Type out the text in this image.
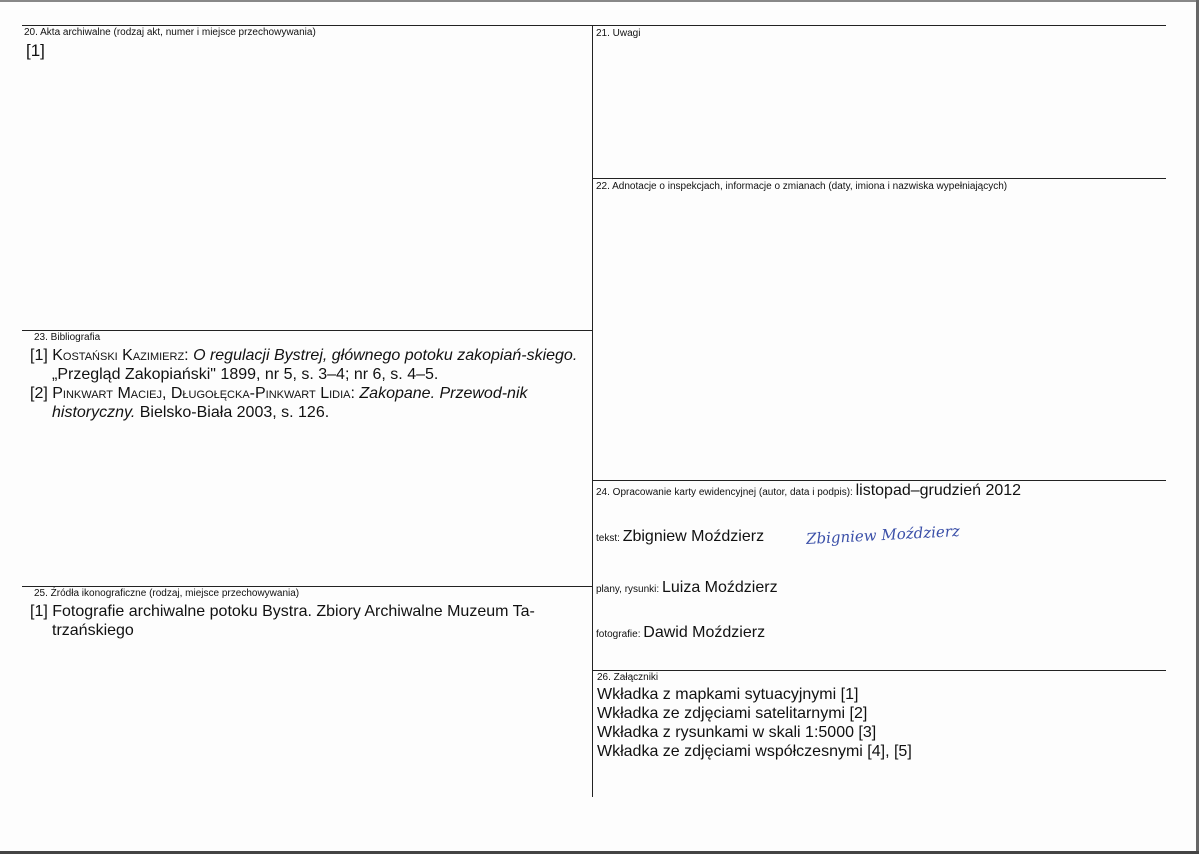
20. Akta archiwalne (rodzaj akt, numer i miejsce przechowywania)
[1]
21. Uwagi
22. Adnotacje o inspekcjach, informacje o zmianach (daty, imiona i nazwiska wypełniających)
23. Bibliografia
[1] Kostański Kazimierz: O regulacji Bystrej, głównego potoku zakopiań-skiego. „Przegląd Zakopiański" 1899, nr 5, s. 3–4; nr 6, s. 4–5.
[2] Pinkwart Maciej, Długołęcka-Pinkwart Lidia: Zakopane. Przewod-nik historyczny. Bielsko-Biała 2003, s. 126.
24. Opracowanie karty ewidencyjnej (autor, data i podpis): listopad–grudzień 2012
tekst: Zbigniew Moździerz	Zbigniew Moździerz
plany, rysunki: Luiza Moździerz
fotografie: Dawid Moździerz
25. Źródła ikonograficzne (rodzaj, miejsce przechowywania)
[1] Fotografie archiwalne potoku Bystra. Zbiory Archiwalne Muzeum Ta-trzańskiego
26. Załączniki
Wkładka z mapkami sytuacyjnymi [1]
Wkładka ze zdjęciami satelitarnymi [2]
Wkładka z rysunkami w skali 1:5000 [3]
Wkładka ze zdjęciami współczesnymi [4], [5]
